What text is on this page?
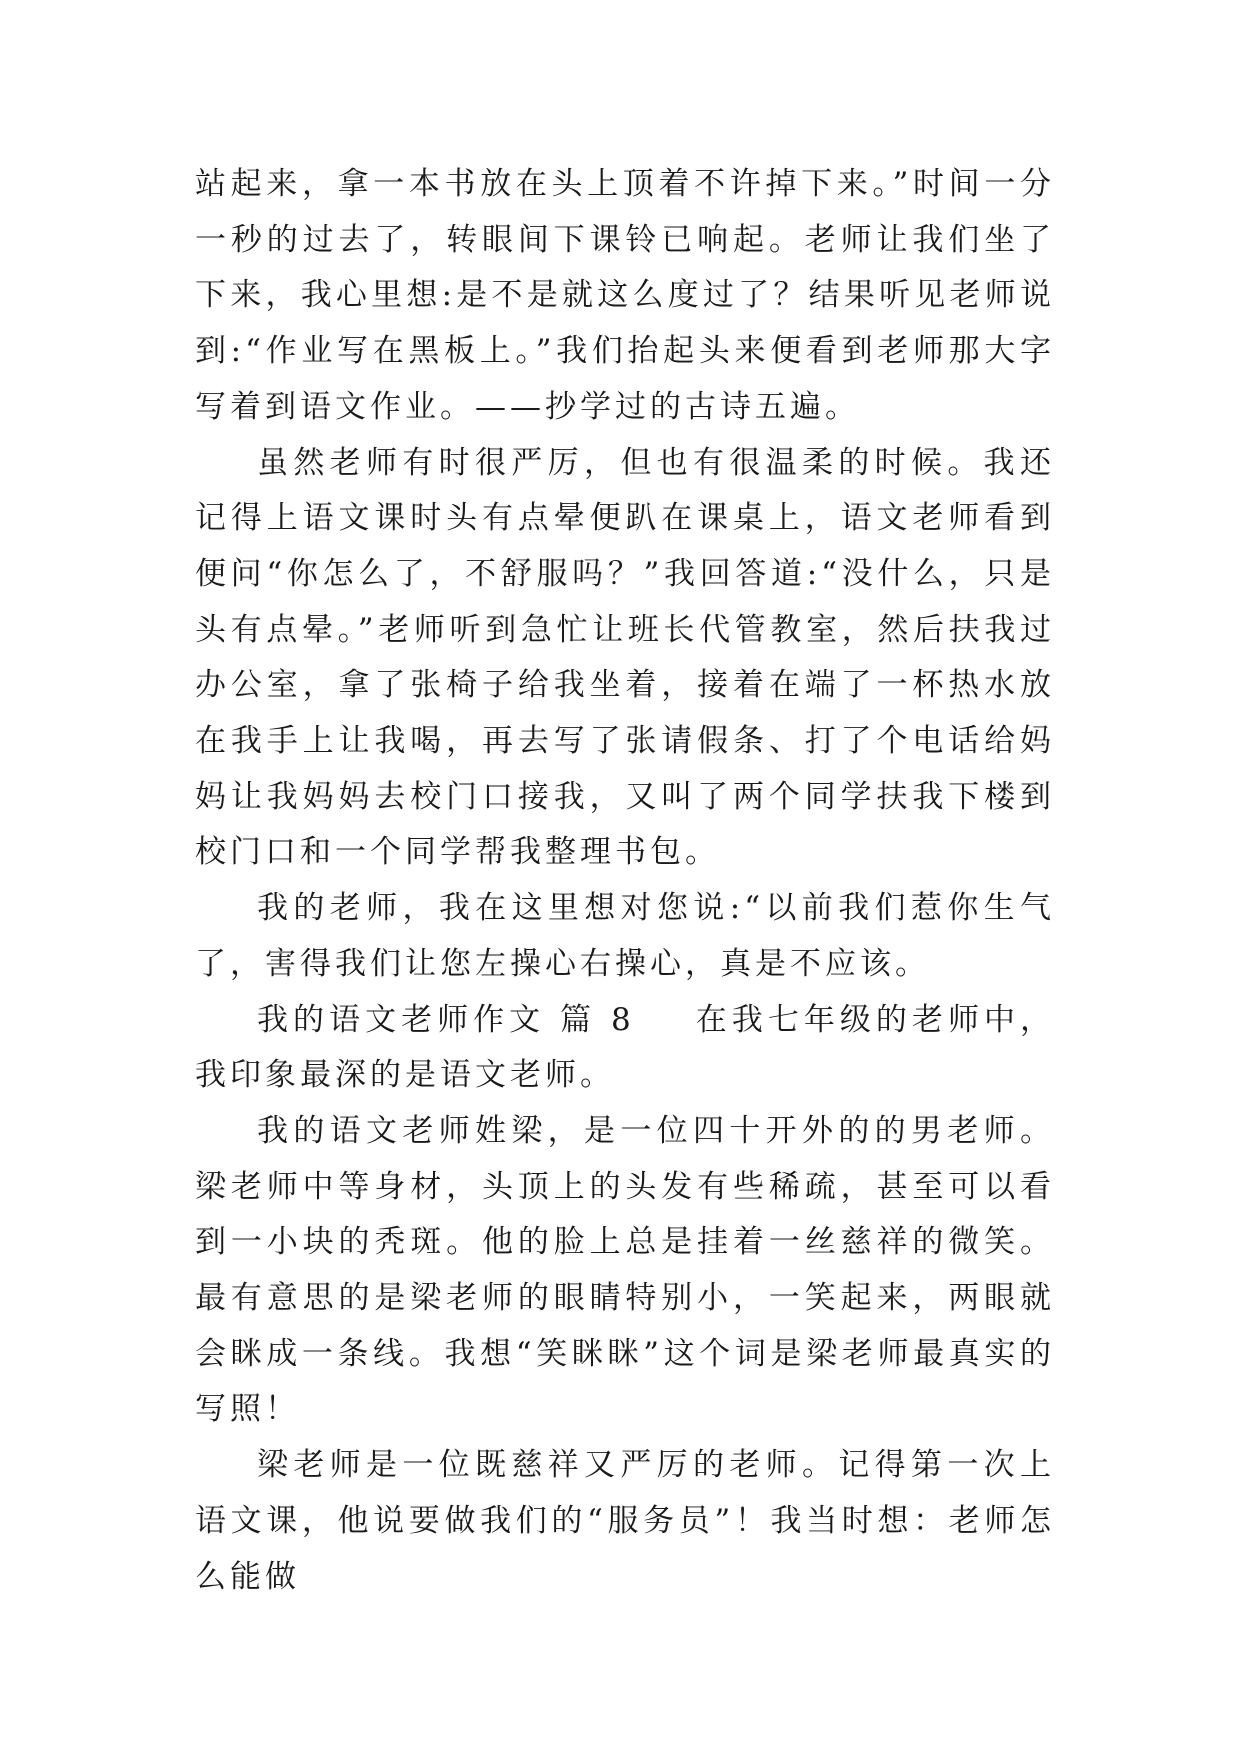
站起来，拿一本书放在头上顶着不许掉下来。”时间一分一秒的过去了，转眼间下课铃已响起。老师让我们坐了下来，我心里想:是不是就这么度过了？结果听见老师说到:“作业写在黑板上。”我们抬起头来便看到老师那大字写着到语文作业。——抄学过的古诗五遍。

虽然老师有时很严厉，但也有很温柔的时候。我还记得上语文课时头有点晕便趴在课桌上，语文老师看到便问“你怎么了，不舒服吗？”我回答道:“没什么，只是头有点晕。”老师听到急忙让班长代管教室，然后扶我过办公室，拿了张椅子给我坐着，接着在端了一杯热水放在我手上让我喝，再去写了张请假条、打了个电话给妈妈让我妈妈去校门口接我，又叫了两个同学扶我下楼到校门口和一个同学帮我整理书包。

我的老师，我在这里想对您说:“以前我们惹你生气了，害得我们让您左操心右操心，真是不应该。

我的语文老师作文 篇 8 在我七年级的老师中，我印象最深的是语文老师。

我的语文老师姓梁，是一位四十开外的的男老师。梁老师中等身材，头顶上的头发有些稀疏，甚至可以看到一小块的秃斑。他的脸上总是挂着一丝慈祥的微笑。最有意思的是梁老师的眼睛特别小，一笑起来，两眼就会眯成一条线。我想“笑眯眯”这个词是梁老师最真实的写照！

梁老师是一位既慈祥又严厉的老师。记得第一次上语文课，他说要做我们的“服务员”！我当时想：老师怎么能做
